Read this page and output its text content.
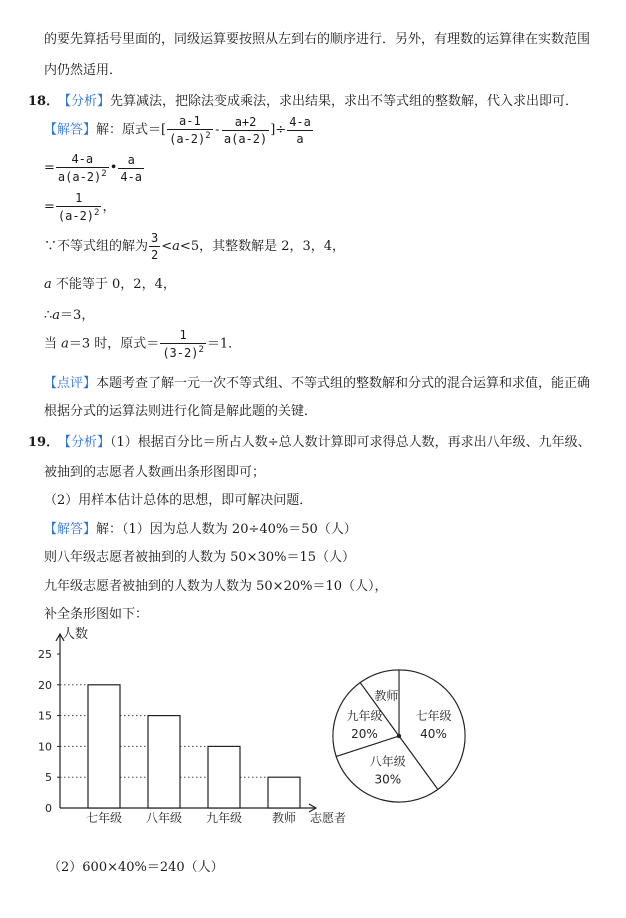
的要先算括号里面的，同级运算要按照从左到右的顺序进行．另外，有理数的运算律在实数范围
内仍然适用．
18．
【分析】先算减法，把除法变成乘法，求出结果，求出不等式组的整数解，代入求出即可．
【解答】解：原式＝[ $\frac{a-1}{(a-2)^2} - \frac{a+2}{a(a-2)}$ ]÷ $\frac{4-a}{a}$
= $\frac{4-a}{a(a-2)^2}$ • $\frac{a}{4-a}$
= $\frac{1}{(a-2)^2}$ ，
∵不等式组的解为 $\frac{3}{2} <a<5$，其整数解是 2，3，4，
a 不能等于 0，2，4，
∴a＝3，
当 a＝3 时，原式＝ $\frac{1}{(3-2)^2} =1$．
【点评】本题考查了解一元一次不等式组、不等式组的整数解和分式的混合运算和求值，能正确
根据分式的运算法则进行化简是解此题的关键．
19．
【分析】（1）根据百分比＝所占人数÷总人数计算即可求得总人数，再求出八年级、九年级、
被抽到的志愿者人数画出条形图即可；
（2）用样本估计总体的思想，即可解决问题．
【解答】解：（1）因为总人数为 20÷40%＝50（人）
则八年级志愿者被抽到的人数为 50×30%＝15（人）
九年级志愿者被抽到的人数为人数为 50×20%＝10（人），
补全条形图如下：
0
5
10
15
20
25
七年级 八年级 九年级 教师
人数
志愿者
七年级
40%
八年级
30%
九年级
20%
教师
（2）600×40%＝240（人）
